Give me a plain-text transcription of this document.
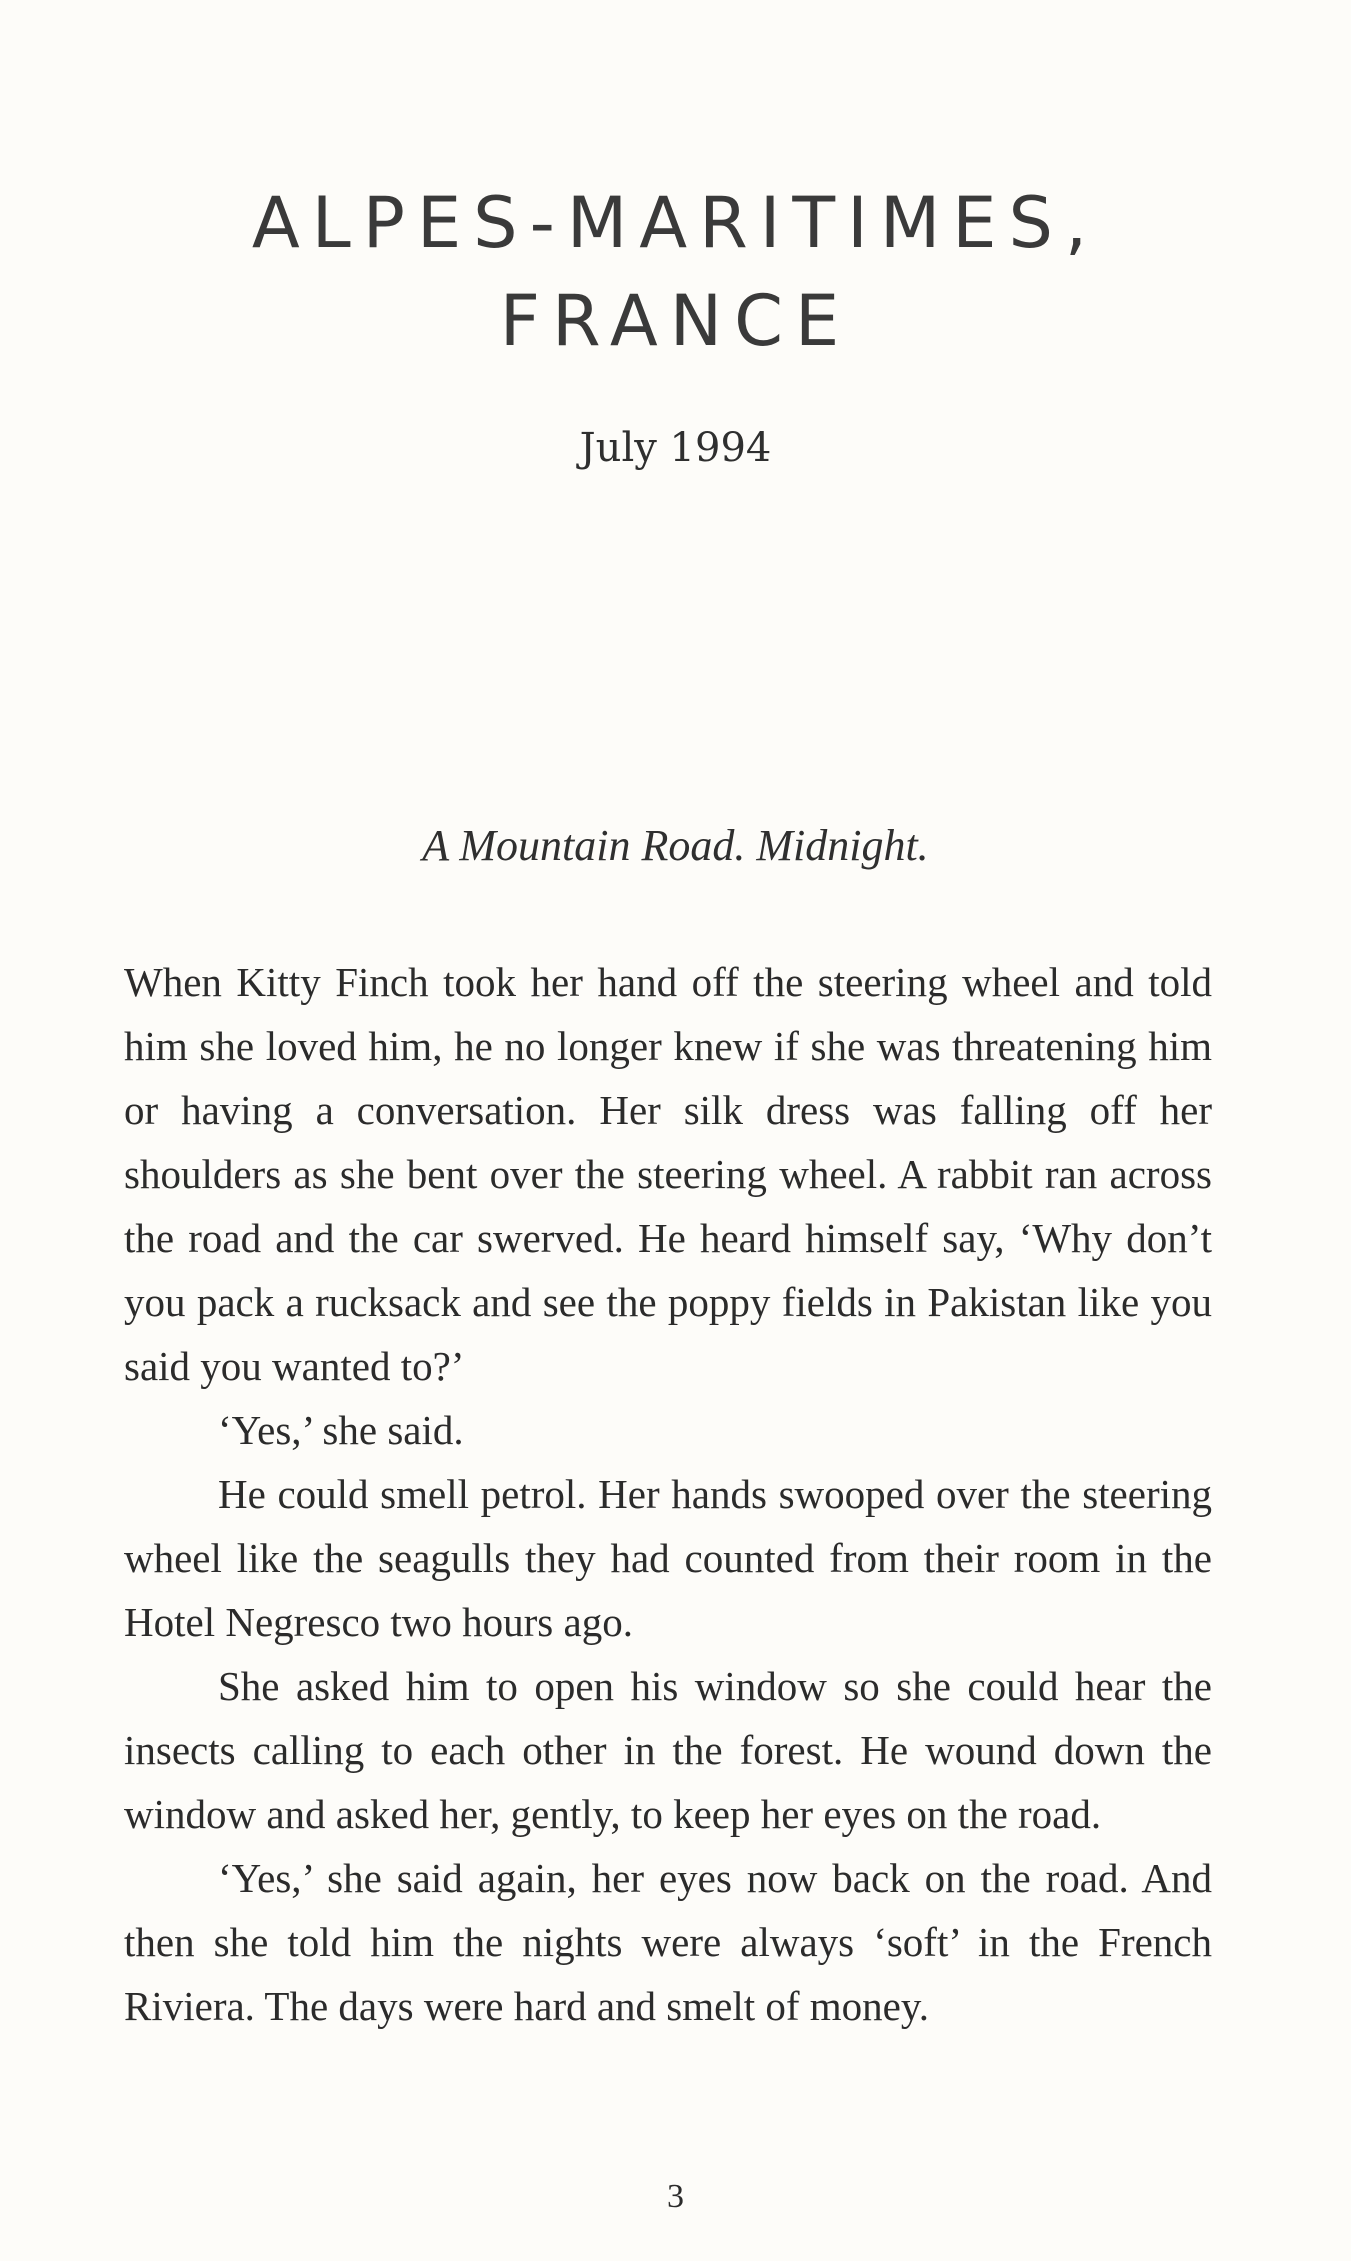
ALPES-MARITIMES,
FRANCE

July 1994

A Mountain Road. Midnight.

When Kitty Finch took her hand off the steering wheel and told him she loved him, he no longer knew if she was threatening him or having a conversation. Her silk dress was falling off her shoulders as she bent over the steering wheel. A rabbit ran across the road and the car swerved. He heard himself say, ‘Why don’t you pack a rucksack and see the poppy fields in Pakistan like you said you wanted to?’

‘Yes,’ she said.

He could smell petrol. Her hands swooped over the steering wheel like the seagulls they had counted from their room in the Hotel Negresco two hours ago.

She asked him to open his window so she could hear the insects calling to each other in the forest. He wound down the window and asked her, gently, to keep her eyes on the road.

‘Yes,’ she said again, her eyes now back on the road. And then she told him the nights were always ‘soft’ in the French Riviera. The days were hard and smelt of money.

3
